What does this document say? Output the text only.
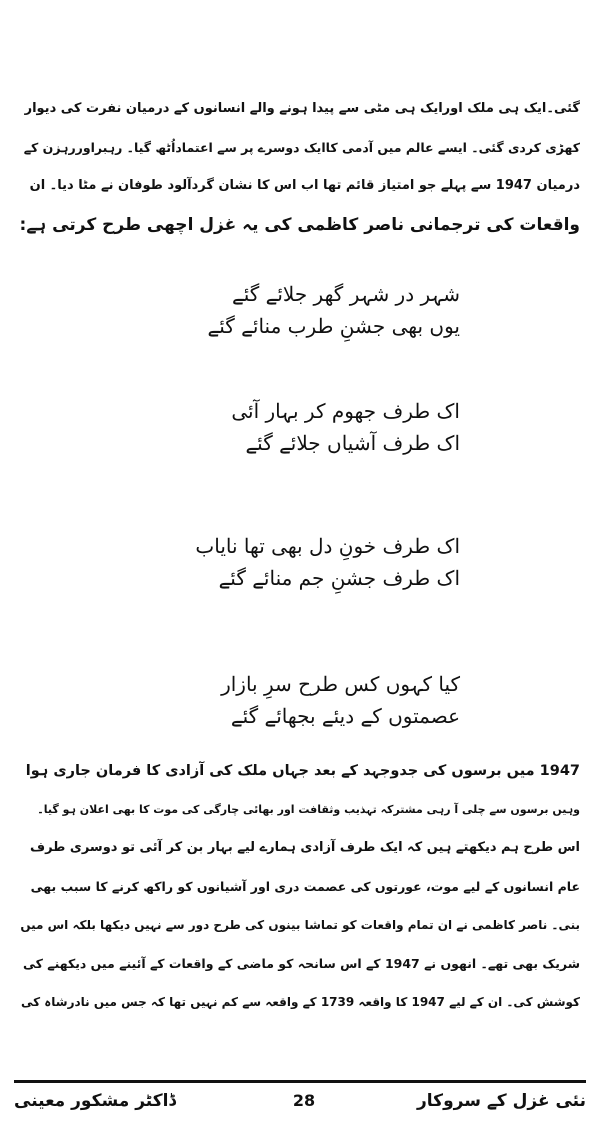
گئی۔ایک ہی ملک اورایک ہی مٹی سے پیدا ہونے والے انسانوں کے درمیان نفرت کی دیوار
کھڑی کردی گئی۔ ایسے عالم میں آدمی کاایک دوسرے پر سے اعتماداُٹھ گیا۔ رہبراوررہزن کے
درمیان 1947 سے پہلے جو امتیاز قائم تھا اب اس کا نشان گردآلود طوفان نے مٹا دیا۔ ان
واقعات کی ترجمانی ناصر کاظمی کی یہ غزل اچھی طرح کرتی ہے:
شہر در شہر گھر جلائے گئے
یوں بھی جشنِ طرب منائے گئے
اک طرف جھوم کر بہار آئی
اک طرف آشیاں جلائے گئے
اک طرف خونِ دل بھی تھا نایاب
اک طرف جشنِ جم منائے گئے
کیا کہوں کس طرح سرِ بازار
عصمتوں کے دیئے بجھائے گئے
1947 میں برسوں کی جدوجہد کے بعد جہاں ملک کی آزادی کا فرمان جاری ہوا
وہیں برسوں سے چلی آ رہی مشترکہ تہذیب وثقافت اور بھائی چارگی کی موت کا بھی اعلان ہو گیا۔
اس طرح ہم دیکھتے ہیں کہ ایک طرف آزادی ہمارے لیے بہار بن کر آئی تو دوسری طرف
عام انسانوں کے لیے موت، عورتوں کی عصمت دری اور آشیانوں کو راکھ کرنے کا سبب بھی
بنی۔ ناصر کاظمی نے ان تمام واقعات کو تماشا بینوں کی طرح دور سے نہیں دیکھا بلکہ اس میں
شریک بھی تھے۔ انھوں نے 1947 کے اس سانحہ کو ماضی کے واقعات کے آئینے میں دیکھنے کی
کوشش کی۔ ان کے لیے 1947 کا واقعہ 1739 کے واقعہ سے کم نہیں تھا کہ جس میں نادرشاہ کی
ڈاکٹر مشکور معینی	28	نئی غزل کے سروکار
